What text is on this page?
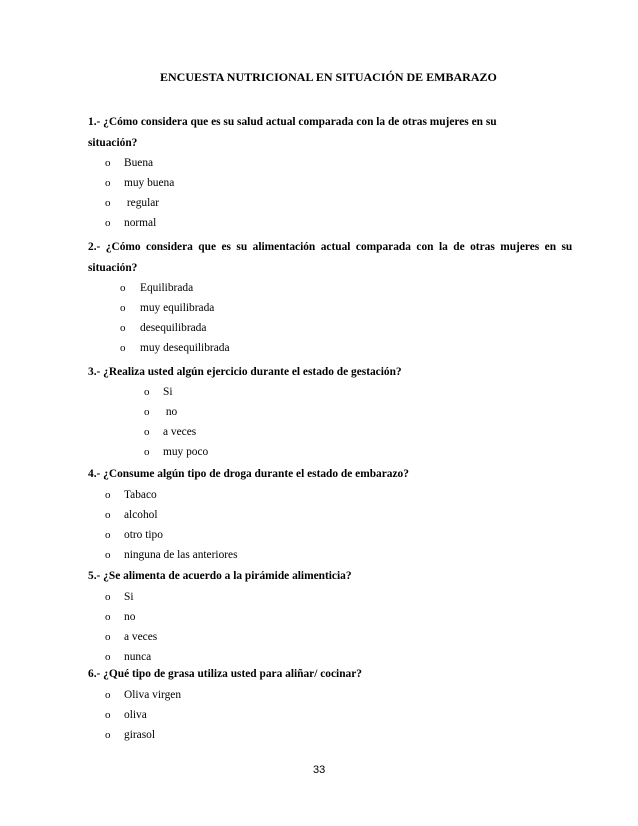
ENCUESTA NUTRICIONAL EN SITUACIÓN DE EMBARAZO
1.- ¿Cómo considera que es su salud actual comparada con la de otras mujeres en su
situación?
o Buena
o muy buena
o regular
o normal
2.- ¿Cómo considera que es su alimentación actual comparada con la de otras mujeres en su
situación?
o Equilibrada
o muy equilibrada
o desequilibrada
o muy desequilibrada
3.- ¿Realiza usted algún ejercicio durante el estado de gestación?
o Si
o no
o a veces
o muy poco
4.- ¿Consume algún tipo de droga durante el estado de embarazo?
o Tabaco
o alcohol
o otro tipo
o ninguna de las anteriores
5.- ¿Se alimenta de acuerdo a la pirámide alimenticia?
o Si
o no
o a veces
o nunca
6.- ¿Qué tipo de grasa utiliza usted para aliñar/ cocinar?
o Oliva virgen
o oliva
o girasol
33
